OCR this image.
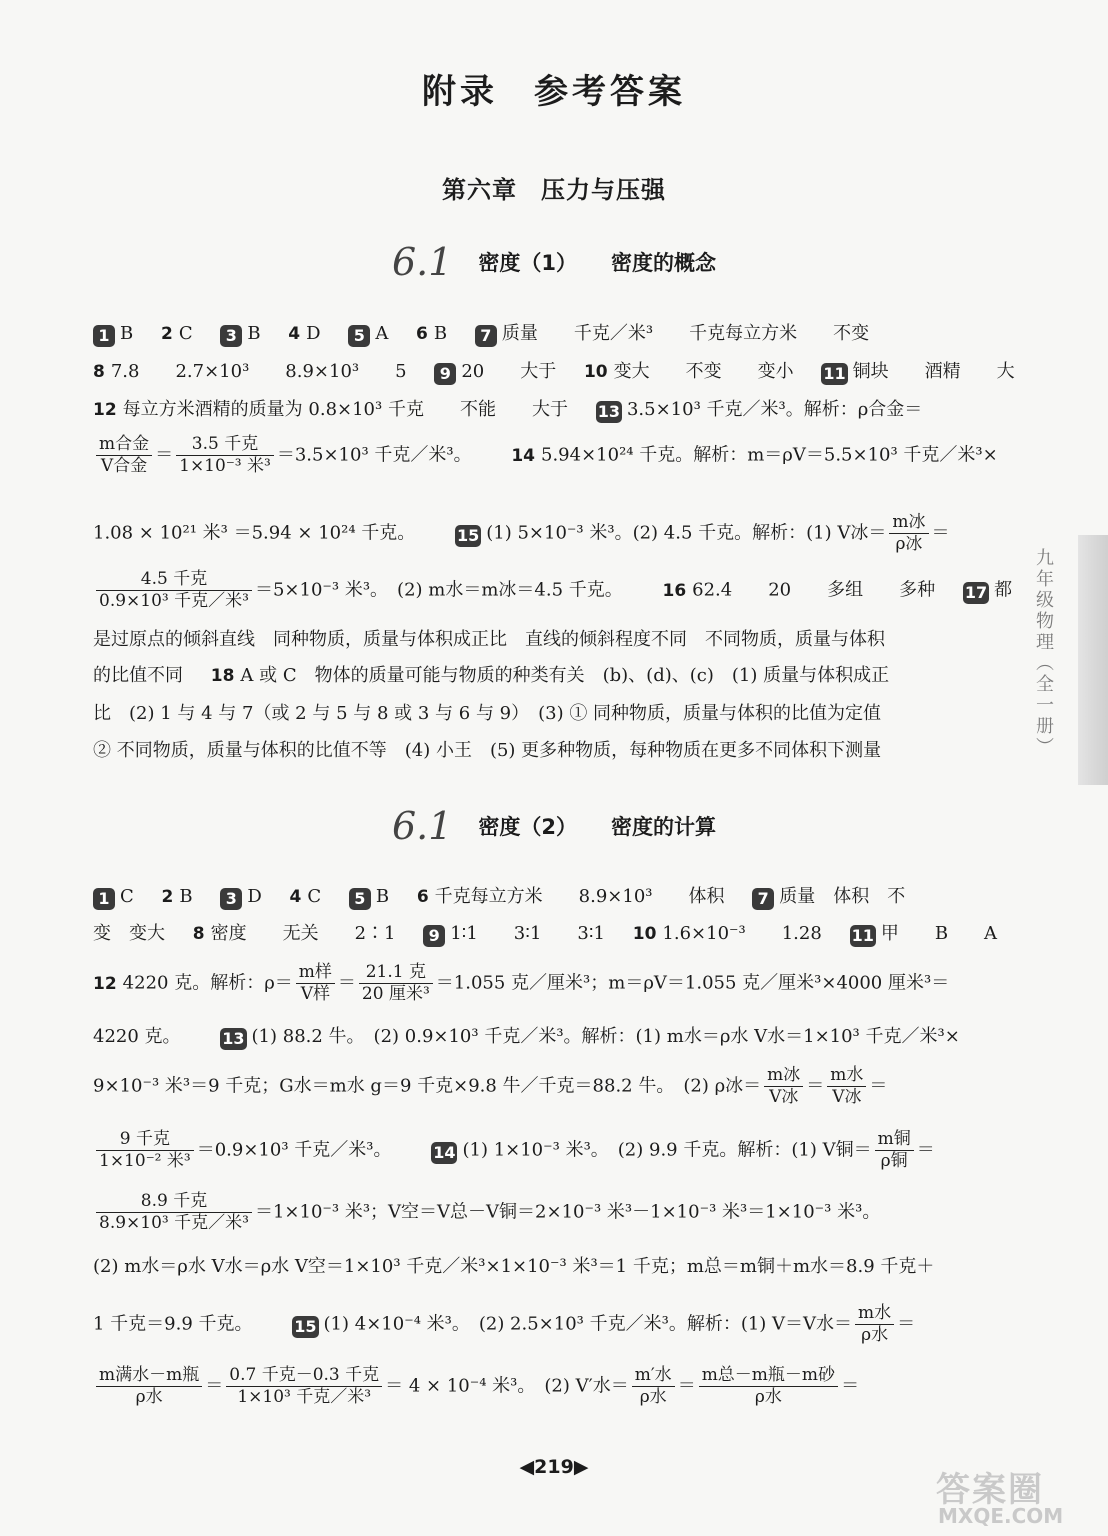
附录 参考答案
第六章 压力与压强
6.1 密度（1） 密度的概念
1 B 2 C 3 B 4 D 5 A 6 B 7 质量　　千克／米³　　千克每立方米　　不变
8 7.8　　2.7×10³　　8.9×10³　　5 9 20　　大于 10 变大　　不变　　变小 11 铜块　　酒精　　大
12 每立方米酒精的质量为 0.8×10³ 千克　　不能　　大于 13 3.5×10³ 千克／米³。解析：ρ合金＝
$\frac{\text{m合金}}{\text{V合金}} = \frac{\text{3.5 千克}}{\text{1×10⁻³ 米³}} =3.5\times 10^3$ 千克／米³。 14 5.94×10²⁴ 千克。解析：m＝ρV＝5.5×10³ 千克／米³×
1.08 × 10²¹ 米³ ＝5.94 × 10²⁴ 千克。	15 (1) 5×10⁻³ 米³。(2) 4.5 千克。解析：(1) V冰＝ $\frac{\text{m冰}}{\text{ρ冰}}$ ＝
$\frac{\text{4.5 千克}}{\text{0.9×10³ 千克／米³}} =5\times 10^{-3}$ 米³。　(2) m水＝m冰＝4.5 千克。 16 62.4　　20　　多组　　多种 17 都
是过原点的倾斜直线　同种物质，质量与体积成正比　直线的倾斜程度不同　不同物质，质量与体积
的比值不同 18 A 或 C　物体的质量可能与物质的种类有关　(b)、(d)、(c)　(1) 质量与体积成正
比　(2) 1 与 4 与 7（或 2 与 5 与 8 或 3 与 6 与 9）　(3) ① 同种物质，质量与体积的比值为定值
② 不同物质，质量与体积的比值不等　(4) 小王　(5) 更多种物质，每种物质在更多不同体积下测量
6.1 密度（2） 密度的计算
1 C 2 B 3 D 4 C 5 B 6 千克每立方米　　8.9×10³　　体积 7 质量　体积　不
变　变大 8 密度　　无关　　2∶1 9 1∶1　　3∶1　　3∶1 10 1.6×10⁻³　　1.28 11 甲　　B　　A
12 4220 克。解析：$\rho= \frac{\text{m样}}{\text{V样}} = \frac{\text{21.1 克}}{\text{20 厘米³}} =1.055$ 克／厘米³；m＝ρV＝1.055 克／厘米³×4000 厘米³＝
4220 克。	13 (1) 88.2 牛。　(2) 0.9×10³ 千克／米³。解析：(1) m水＝ρ水 V水＝1×10³ 千克／米³×
9×10⁻³ 米³＝9 千克；G水＝m水 g＝9 千克×9.8 牛／千克＝88.2 牛。　(2) ρ冰＝ $\frac{\text{m冰}}{\text{V冰}} = \frac{\text{m水}}{\text{V冰}}$ ＝
$\frac{\text{9 千克}}{\text{1×10⁻² 米³}} =0.9\times 10^3$ 千克／米³。	14 (1) 1×10⁻³ 米³。　(2) 9.9 千克。解析：(1) V铜＝ $\frac{\text{m铜}}{\text{ρ铜}}$ ＝
$\frac{\text{8.9 千克}}{\text{8.9×10³ 千克／米³}} =1\times 10^{-3}$ 米³；V空＝V总－V铜＝2×10⁻³ 米³－1×10⁻³ 米³＝1×10⁻³ 米³。
(2) m水＝ρ水 V水＝ρ水 V空＝1×10³ 千克／米³×1×10⁻³ 米³＝1 千克；m总＝m铜＋m水＝8.9 千克＋
1 千克＝9.9 千克。	15 (1) 4×10⁻⁴ 米³。　(2) 2.5×10³ 千克／米³。解析：(1) V＝V水＝ $\frac{\text{m水}}{\text{ρ水}}$ ＝
$\frac{\text{m满水－m瓶}}{\text{ρ水}} = \frac{\text{0.7 千克－0.3 千克}}{\text{1×10³ 千克／米³}} = 4 \times 10^{-4}$ 米³。　(2) V′水＝ $\frac{\text{m′水}}{\text{ρ水}} = \frac{\text{m总－m瓶－m砂}}{\text{ρ水}}$ ＝
◀219▶
九年级物理（全一册）
答案圈
MXQE.COM
